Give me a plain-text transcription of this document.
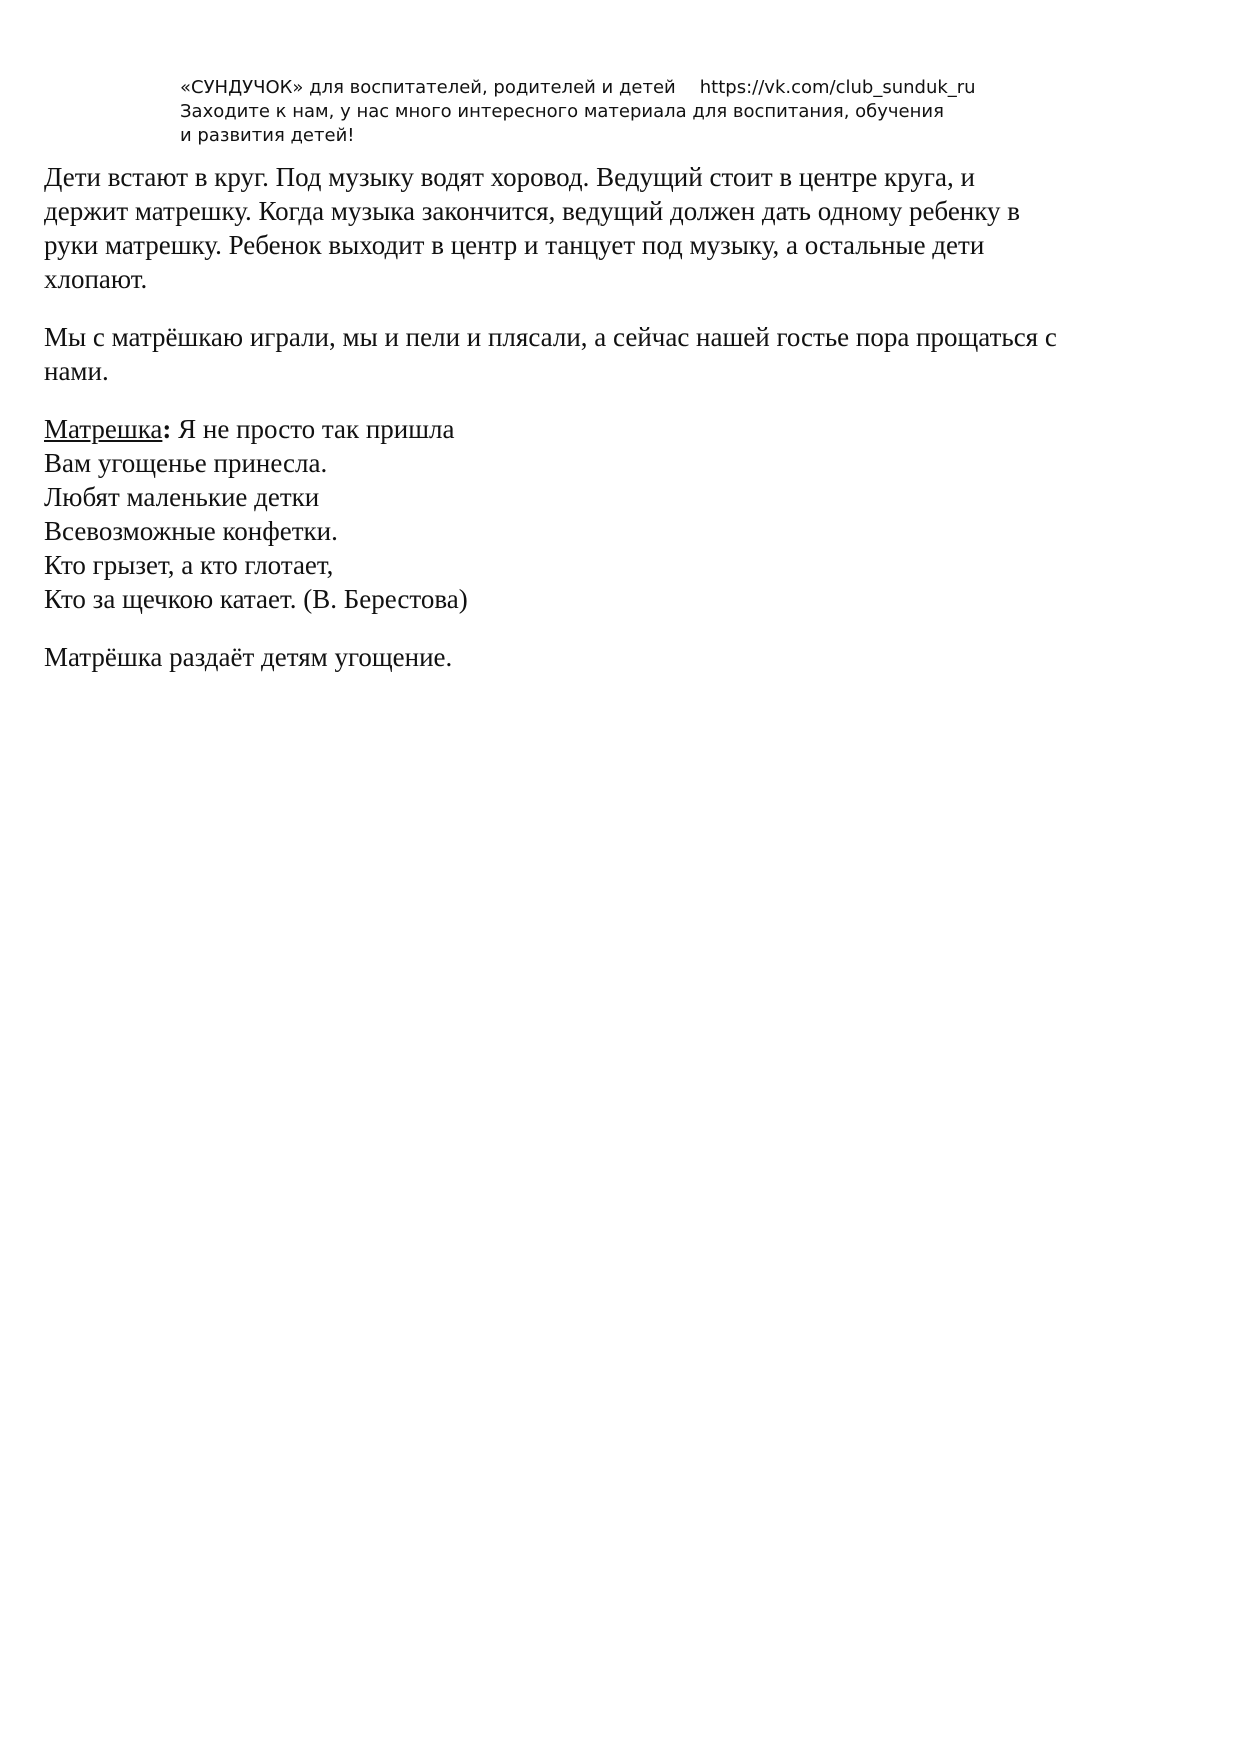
«СУНДУЧОК» для воспитателей, родителей и детей https://vk.com/club_sunduk_ru
Заходите к нам, у нас много интересного материала для воспитания, обучения
и развития детей!

Дети встают в круг. Под музыку водят хоровод. Ведущий стоит в центре круга, и
держит матрешку. Когда музыка закончится, ведущий должен дать одному ребенку в
руки матрешку. Ребенок выходит в центр и танцует под музыку, а остальные дети
хлопают.

Мы с матрёшкаю играли, мы и пели и плясали, а сейчас нашей гостье пора прощаться с
нами.

Матрешка: Я не просто так пришла
Вам угощенье принесла.
Любят маленькие детки
Всевозможные конфетки.
Кто грызет, а кто глотает,
Кто за щечкою катает. (В. Берестова)

Матрёшка раздаёт детям угощение.
